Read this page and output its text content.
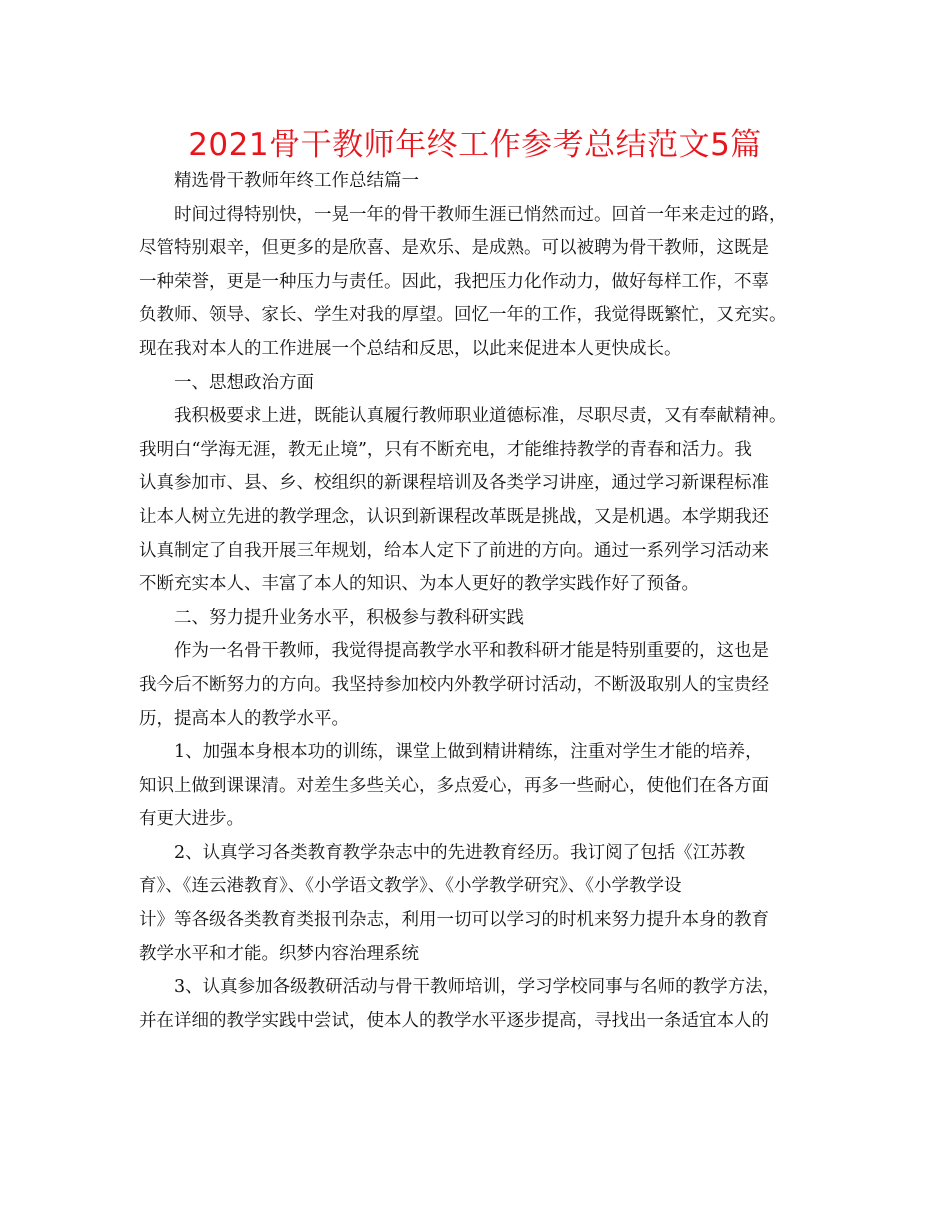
2021骨干教师年终工作参考总结范文5篇
精选骨干教师年终工作总结篇一
时间过得特别快，一晃一年的骨干教师生涯已悄然而过。回首一年来走过的路，
尽管特别艰辛，但更多的是欣喜、是欢乐、是成熟。可以被聘为骨干教师，这既是
一种荣誉，更是一种压力与责任。因此，我把压力化作动力，做好每样工作，不辜
负教师、领导、家长、学生对我的厚望。回忆一年的工作，我觉得既繁忙，又充实。
现在我对本人的工作进展一个总结和反思，以此来促进本人更快成长。
一、思想政治方面
我积极要求上进，既能认真履行教师职业道德标准，尽职尽责，又有奉献精神。
我明白“学海无涯，教无止境”，只有不断充电，才能维持教学的青春和活力。我
认真参加市、县、乡、校组织的新课程培训及各类学习讲座，通过学习新课程标准
让本人树立先进的教学理念，认识到新课程改革既是挑战，又是机遇。本学期我还
认真制定了自我开展三年规划，给本人定下了前进的方向。通过一系列学习活动来
不断充实本人、丰富了本人的知识、为本人更好的教学实践作好了预备。
二、努力提升业务水平，积极参与教科研实践
作为一名骨干教师，我觉得提高教学水平和教科研才能是特别重要的，这也是
我今后不断努力的方向。我坚持参加校内外教学研讨活动，不断汲取别人的宝贵经
历，提高本人的教学水平。
1、加强本身根本功的训练，课堂上做到精讲精练，注重对学生才能的培养，
知识上做到课课清。对差生多些关心，多点爱心，再多一些耐心，使他们在各方面
有更大进步。
2、认真学习各类教育教学杂志中的先进教育经历。我订阅了包括《江苏教
育》、《连云港教育》、《小学语文教学》、《小学教学研究》、《小学教学设
计》等各级各类教育类报刊杂志，利用一切可以学习的时机来努力提升本身的教育
教学水平和才能。织梦内容治理系统
3、认真参加各级教研活动与骨干教师培训，学习学校同事与名师的教学方法，
并在详细的教学实践中尝试，使本人的教学水平逐步提高，寻找出一条适宜本人的
